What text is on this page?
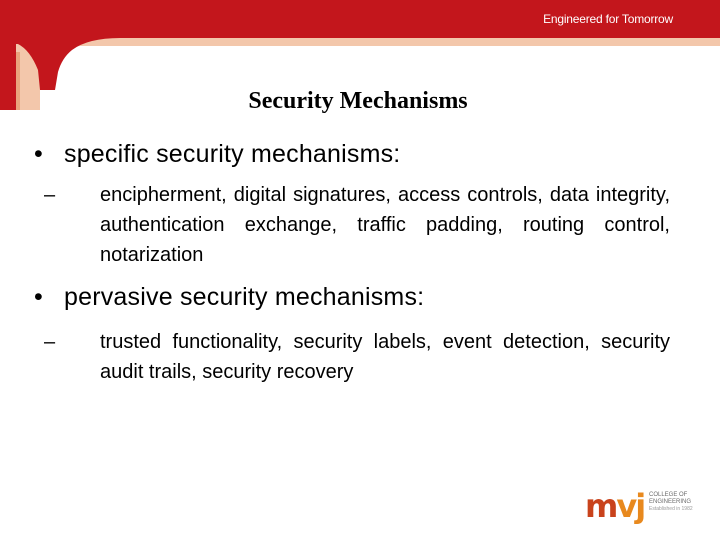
Engineered for Tomorrow
Security Mechanisms
• specific security mechanisms:
– encipherment, digital signatures, access controls, data integrity, authentication exchange, traffic padding, routing control, notarization
• pervasive security mechanisms:
– trusted functionality, security labels, event detection, security audit trails, security recovery
mvj COLLEGE OF
ENGINEERING
Established in 1982
